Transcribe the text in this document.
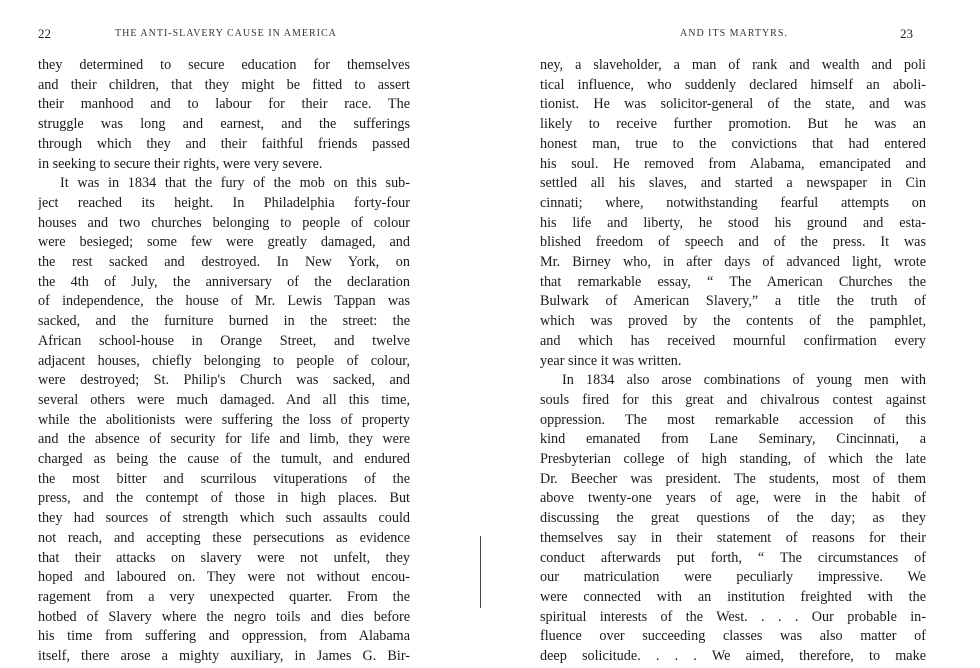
22	THE ANTI-SLAVERY CAUSE IN AMERICA
they determined to secure education for themselves
and their children, that they might be fitted to assert
their manhood and to labour for their race. The
struggle was long and earnest, and the sufferings
through which they and their faithful friends passed
in seeking to secure their rights, were very severe.
It was in 1834 that the fury of the mob on this sub-
ject reached its height. In Philadelphia forty-four
houses and two churches belonging to people of colour
were besieged; some few were greatly damaged, and
the rest sacked and destroyed. In New York, on
the 4th of July, the anniversary of the declaration
of independence, the house of Mr. Lewis Tappan was
sacked, and the furniture burned in the street: the
African school-house in Orange Street, and twelve
adjacent houses, chiefly belonging to people of colour,
were destroyed; St. Philip's Church was sacked, and
several others were much damaged. And all this time,
while the abolitionists were suffering the loss of property
and the absence of security for life and limb, they were
charged as being the cause of the tumult, and endured
the most bitter and scurrilous vituperations of the
press, and the contempt of those in high places. But
they had sources of strength which such assaults could
not reach, and accepting these persecutions as evidence
that their attacks on slavery were not unfelt, they
hoped and laboured on. They were not without encou-
ragement from a very unexpected quarter. From the
hotbed of Slavery where the negro toils and dies before
his time from suffering and oppression, from Alabama
itself, there arose a mighty auxiliary, in James G. Bir-
AND ITS MARTYRS.	23
ney, a slaveholder, a man of rank and wealth and poli
tical influence, who suddenly declared himself an aboli-
tionist. He was solicitor-general of the state, and was
likely to receive further promotion. But he was an
honest man, true to the convictions that had entered
his soul. He removed from Alabama, emancipated and
settled all his slaves, and started a newspaper in Cin
cinnati; where, notwithstanding fearful attempts on
his life and liberty, he stood his ground and esta-
blished freedom of speech and of the press. It was
Mr. Birney who, in after days of advanced light, wrote
that remarkable essay, “ The American Churches the
Bulwark of American Slavery,” a title the truth of
which was proved by the contents of the pamphlet,
and which has received mournful confirmation every
year since it was written.
In 1834 also arose combinations of young men with
souls fired for this great and chivalrous contest against
oppression. The most remarkable accession of this
kind emanated from Lane Seminary, Cincinnati, a
Presbyterian college of high standing, of which the late
Dr. Beecher was president. The students, most of them
above twenty-one years of age, were in the habit of
discussing the great questions of the day; as they
themselves say in their statement of reasons for their
conduct afterwards put forth, “ The circumstances of
our matriculation were peculiarly impressive. We
were connected with an institution freighted with the
spiritual interests of the West. . . . Our probable in-
fluence over succeeding classes was also matter of
deep solicitude. . . . We aimed, therefore, to make
